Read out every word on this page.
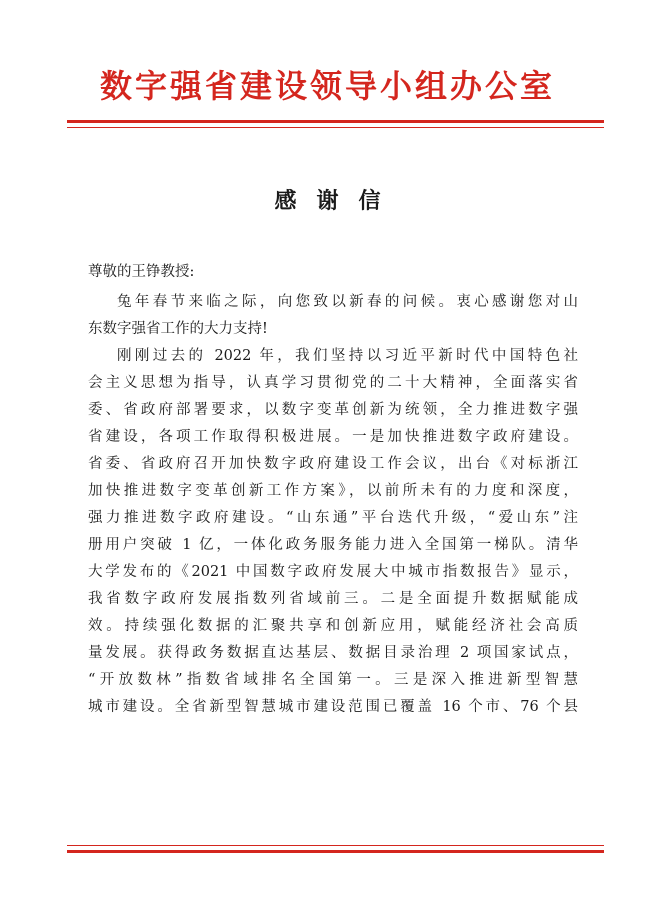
数字强省建设领导小组办公室
感谢信
尊敬的王铮教授:
兔年春节来临之际，向您致以新春的问候。衷心感谢您对山
东数字强省工作的大力支持!
刚刚过去的 2022 年，我们坚持以习近平新时代中国特色社
会主义思想为指导，认真学习贯彻党的二十大精神，全面落实省
委、省政府部署要求，以数字变革创新为统领，全力推进数字强
省建设，各项工作取得积极进展。一是加快推进数字政府建设。
省委、省政府召开加快数字政府建设工作会议，出台《对标浙江
加快推进数字变革创新工作方案》，以前所未有的力度和深度，
强力推进数字政府建设。“山东通”平台迭代升级，“爱山东”注
册用户突破 1 亿，一体化政务服务能力进入全国第一梯队。清华
大学发布的《2021 中国数字政府发展大中城市指数报告》显示，
我省数字政府发展指数列省域前三。二是全面提升数据赋能成
效。持续强化数据的汇聚共享和创新应用，赋能经济社会高质
量发展。获得政务数据直达基层、数据目录治理 2 项国家试点，
“开放数林”指数省域排名全国第一。三是深入推进新型智慧
城市建设。全省新型智慧城市建设范围已覆盖 16 个市、76 个县
